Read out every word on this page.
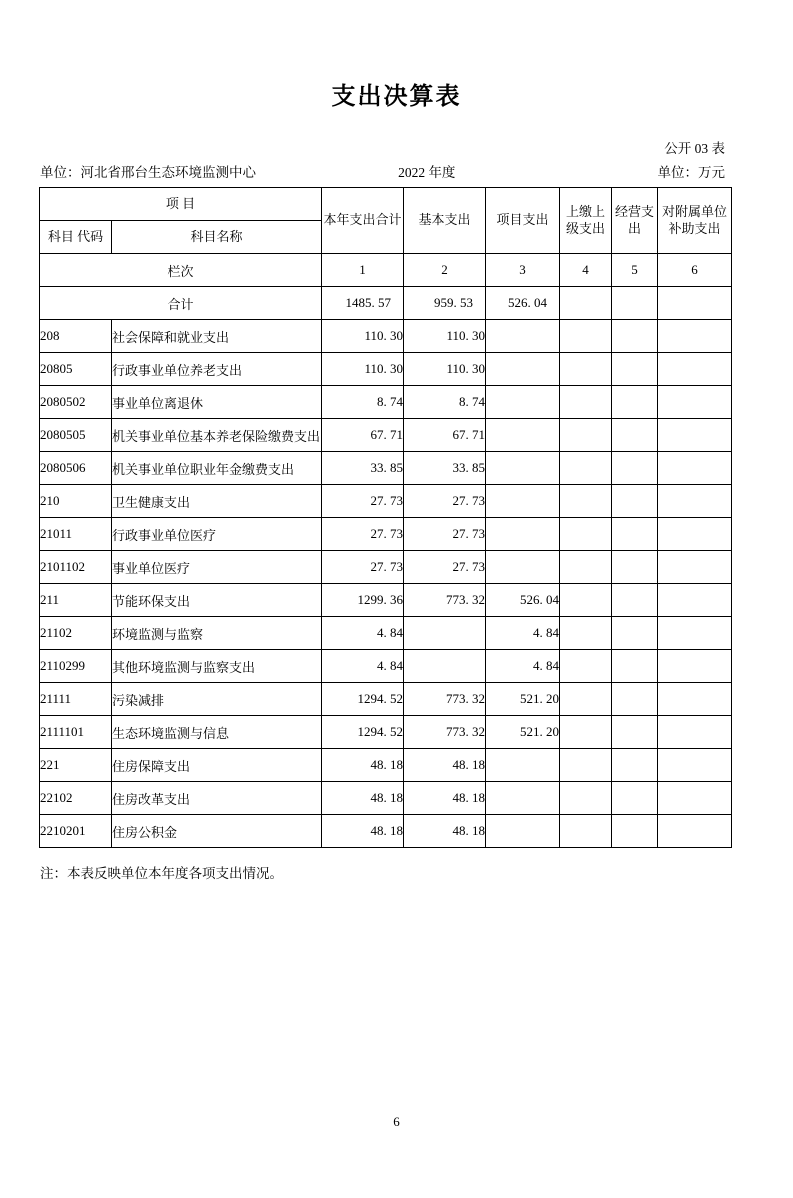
支出决算表
公开 03 表
单位：河北省邢台生态环境监测中心	2022 年度	单位：万元
项 目		本年支出合计	基本支出	项目支出	上缴上级支出	经营支出	对附属单位补助支出
科目 代码	科目名称						
栏次		1	2	3	4	5	6
合计		1485. 57	959. 53	526. 04			
208	社会保障和就业支出	110. 30	110. 30				
20805	行政事业单位养老支出	110. 30	110. 30				
2080502	事业单位离退休	8. 74	8. 74				
2080505	机关事业单位基本养老保险缴费支出	67. 71	67. 71				
2080506	机关事业单位职业年金缴费支出	33. 85	33. 85				
210	卫生健康支出	27. 73	27. 73				
21011	行政事业单位医疗	27. 73	27. 73				
2101102	事业单位医疗	27. 73	27. 73				
211	节能环保支出	1299. 36	773. 32	526. 04			
21102	环境监测与监察	4. 84		4. 84			
2110299	其他环境监测与监察支出	4. 84		4. 84			
21111	污染减排	1294. 52	773. 32	521. 20			
2111101	生态环境监测与信息	1294. 52	773. 32	521. 20			
221	住房保障支出	48. 18	48. 18				
22102	住房改革支出	48. 18	48. 18				
2210201	住房公积金	48. 18	48. 18				
注：本表反映单位本年度各项支出情况。
6
